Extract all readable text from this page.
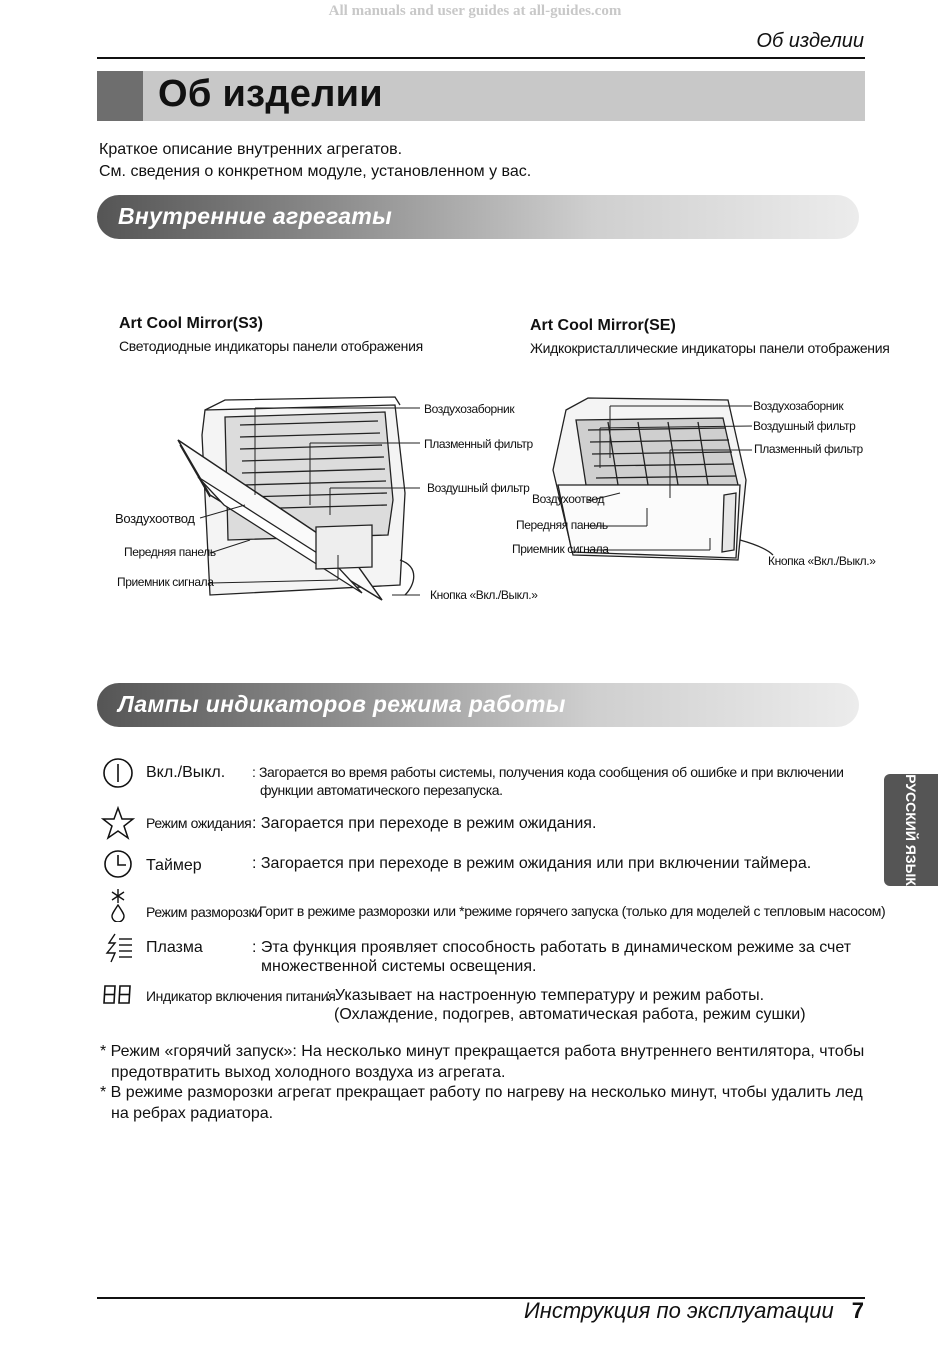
All manuals and user guides at all-guides.com
Об изделии
Об изделии
Краткое описание внутренних агрегатов.
См. сведения о конкретном модуле, установленном у вас.
Внутренние агрегаты
Art Cool Mirror(S3)
Светодиодные индикаторы панели отображения
Воздухозаборник
Плазменный фильтр
Воздушный фильтр
Воздухоотвод
Передняя панель
Приемник сигнала
Кнопка «Вкл./Выкл.»
Art Cool Mirror(SE)
Жидкокристаллические индикаторы панели отображения
Воздухозаборник
Воздушный фильтр
Плазменный фильтр
Воздухоотвод
Передняя панель
Приемник сигнала
Кнопка «Вкл./Выкл.»
Лампы индикаторов режима работы
Вкл./Выкл. : Загорается во время работы системы, получения кода сообщения об ошибке и при включении
функции автоматического перезапуска.
Режим ожидания : Загорается при переходе в режим ожидания.
Таймер	: Загорается при переходе в режим ожидания или при включении таймера.
Режим разморозки
: Горит в режиме разморозки или *режиме горячего запуска (только для моделей с тепловым насосом)
Плазма	: Эта функция проявляет способность работать в динамическом режиме за счет
множественной системы освещения.
Индикатор включения питания
: Указывает на настроенную температуру и режим работы.
(Охлаждение, подогрев, автоматическая работа, режим сушки)
РУССКИЙ ЯЗЫК
* Режим «горячий запуск»: На несколько минут прекращается работа внутреннего вентилятора, чтобы
предотвратить выход холодного воздуха из агрегата.
* В режиме разморозки агрегат прекращает работу по нагреву на несколько минут, чтобы удалить лед
на ребрах радиатора.
Инструкция по эксплуатации 7
